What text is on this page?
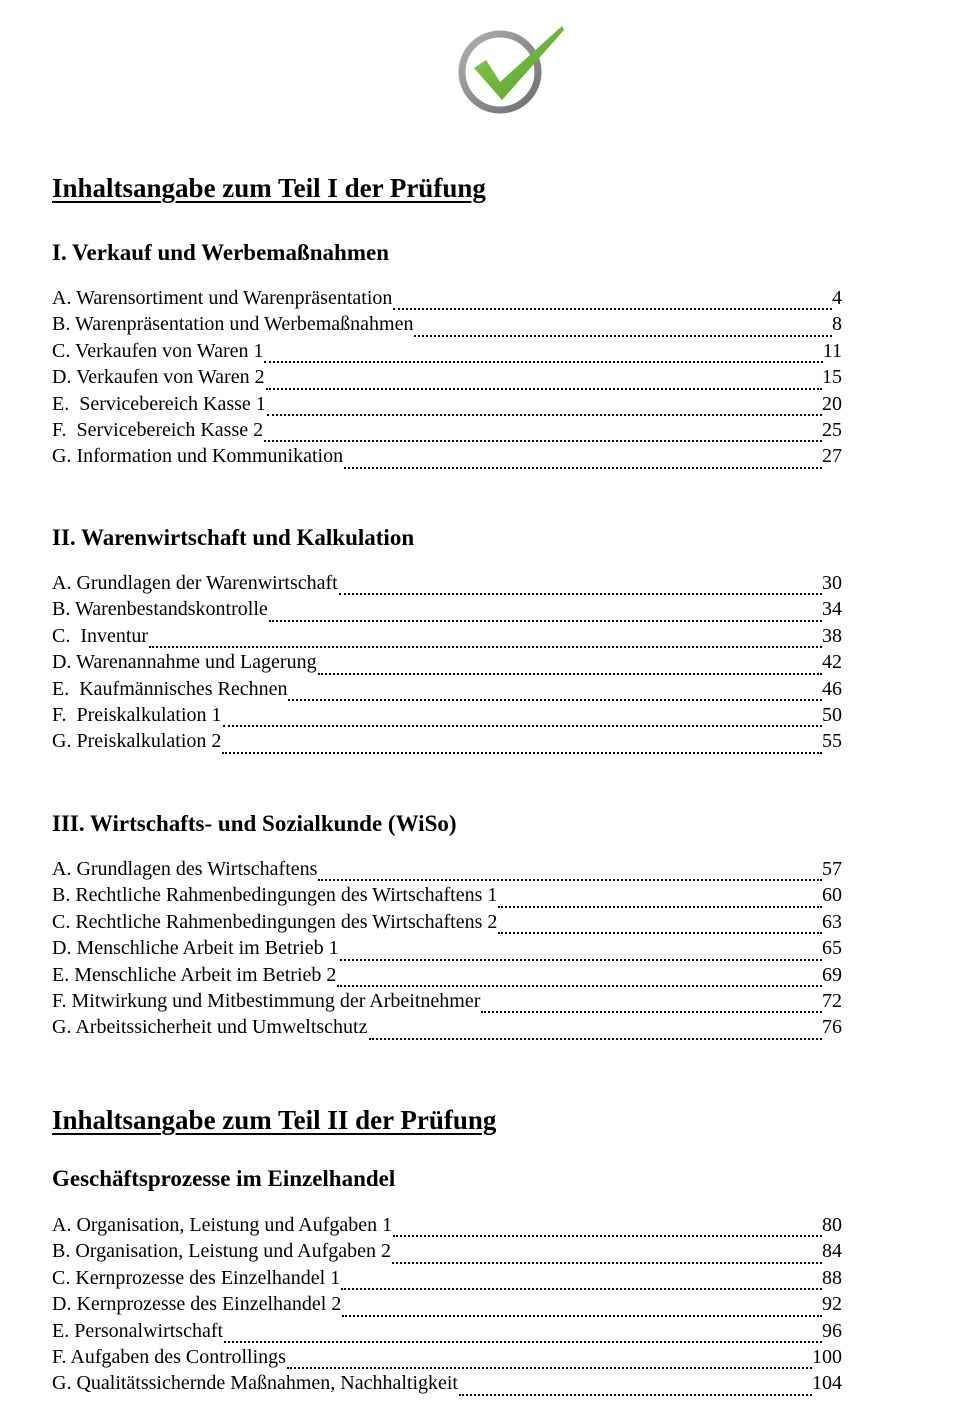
Inhaltsangabe zum Teil I der Prüfung
I. Verkauf und Werbemaßnahmen
A. Warensortiment und Warenpräsentation	4
B. Warenpräsentation und Werbemaßnahmen	8
C. Verkaufen von Waren 1	11
D. Verkaufen von Waren 2	15
E.  Servicebereich Kasse 1	20
F.  Servicebereich Kasse 2	25
G. Information und Kommunikation	27
II. Warenwirtschaft und Kalkulation
A. Grundlagen der Warenwirtschaft	30
B. Warenbestandskontrolle	34
C.  Inventur	38
D. Warenannahme und Lagerung	42
E.  Kaufmännisches Rechnen	46
F.  Preiskalkulation 1	50
G. Preiskalkulation 2	55
III. Wirtschafts- und Sozialkunde (WiSo)
A. Grundlagen des Wirtschaftens	57
B. Rechtliche Rahmenbedingungen des Wirtschaftens 1	60
C. Rechtliche Rahmenbedingungen des Wirtschaftens 2	63
D. Menschliche Arbeit im Betrieb 1	65
E. Menschliche Arbeit im Betrieb 2	69
F. Mitwirkung und Mitbestimmung der Arbeitnehmer	72
G. Arbeitssicherheit und Umweltschutz	76
Inhaltsangabe zum Teil II der Prüfung
Geschäftsprozesse im Einzelhandel
A. Organisation, Leistung und Aufgaben 1	80
B. Organisation, Leistung und Aufgaben 2	84
C. Kernprozesse des Einzelhandel 1	88
D. Kernprozesse des Einzelhandel 2	92
E. Personalwirtschaft	96
F. Aufgaben des Controllings	100
G. Qualitätssichernde Maßnahmen, Nachhaltigkeit	104
